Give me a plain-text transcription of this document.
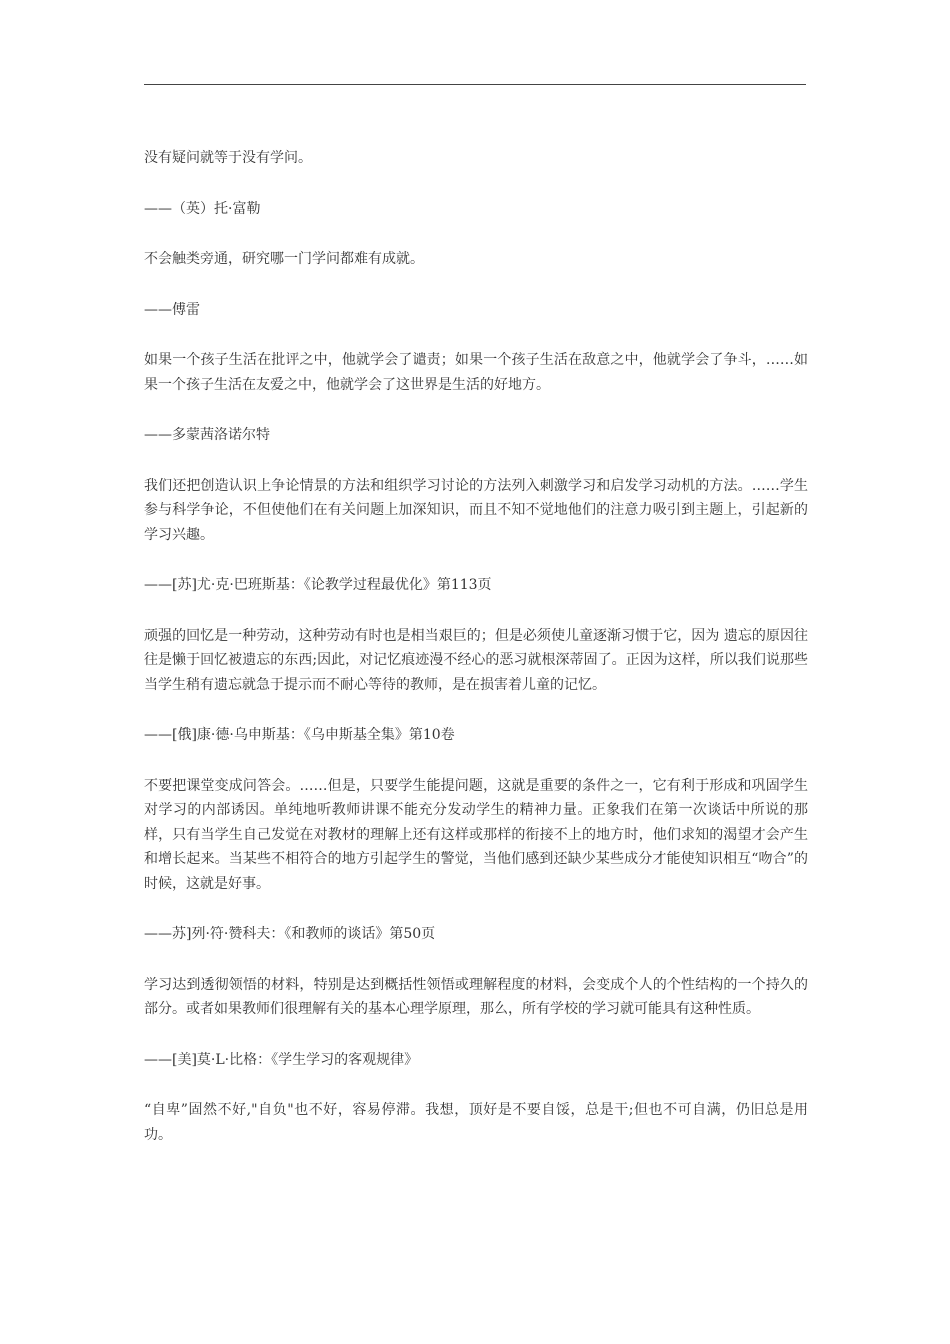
没有疑问就等于没有学问。

——（英）托·富勒

不会触类旁通，研究哪一门学问都难有成就。

——傅雷

如果一个孩子生活在批评之中，他就学会了谴责；如果一个孩子生活在敌意之中，他就学会了争斗，……如果一个孩子生活在友爱之中，他就学会了这世界是生活的好地方。

——多蒙茜洛诺尔特

我们还把创造认识上争论情景的方法和组织学习讨论的方法列入刺激学习和启发学习动机的方法。……学生参与科学争论，不但使他们在有关问题上加深知识，而且不知不觉地他们的注意力吸引到主题上，引起新的学习兴趣。

——[苏]尤·克·巴班斯基：《论教学过程最优化》第113页

顽强的回忆是一种劳动，这种劳动有时也是相当艰巨的；但是必须使儿童逐渐习惯于它，因为 遗忘的原因往往是懒于回忆被遗忘的东西;因此，对记忆痕迹漫不经心的恶习就根深蒂固了。正因为这样，所以我们说那些当学生稍有遗忘就急于提示而不耐心等待的教师，是在损害着儿童的记忆。

——[俄]康·德·乌申斯基：《乌申斯基全集》第10卷

不要把课堂变成问答会。……但是，只要学生能提问题，这就是重要的条件之一，它有利于形成和巩固学生对学习的内部诱因。单纯地听教师讲课不能充分发动学生的精神力量。正象我们在第一次谈话中所说的那样，只有当学生自己发觉在对教材的理解上还有这样或那样的衔接不上的地方时，他们求知的渴望才会产生和增长起来。当某些不相符合的地方引起学生的警觉，当他们感到还缺少某些成分才能使知识相互“吻合”的时候，这就是好事。

——苏]列·符·赞科夫：《和教师的谈话》第50页

学习达到透彻领悟的材料，特别是达到概括性领悟或理解程度的材料，会变成个人的个性结构的一个持久的部分。或者如果教师们很理解有关的基本心理学原理，那么，所有学校的学习就可能具有这种性质。

——[美]莫·L·比格：《学生学习的客观规律》

“自卑”固然不好,"自负"也不好，容易停滞。我想，顶好是不要自馁，总是干;但也不可自满，仍旧总是用功。
